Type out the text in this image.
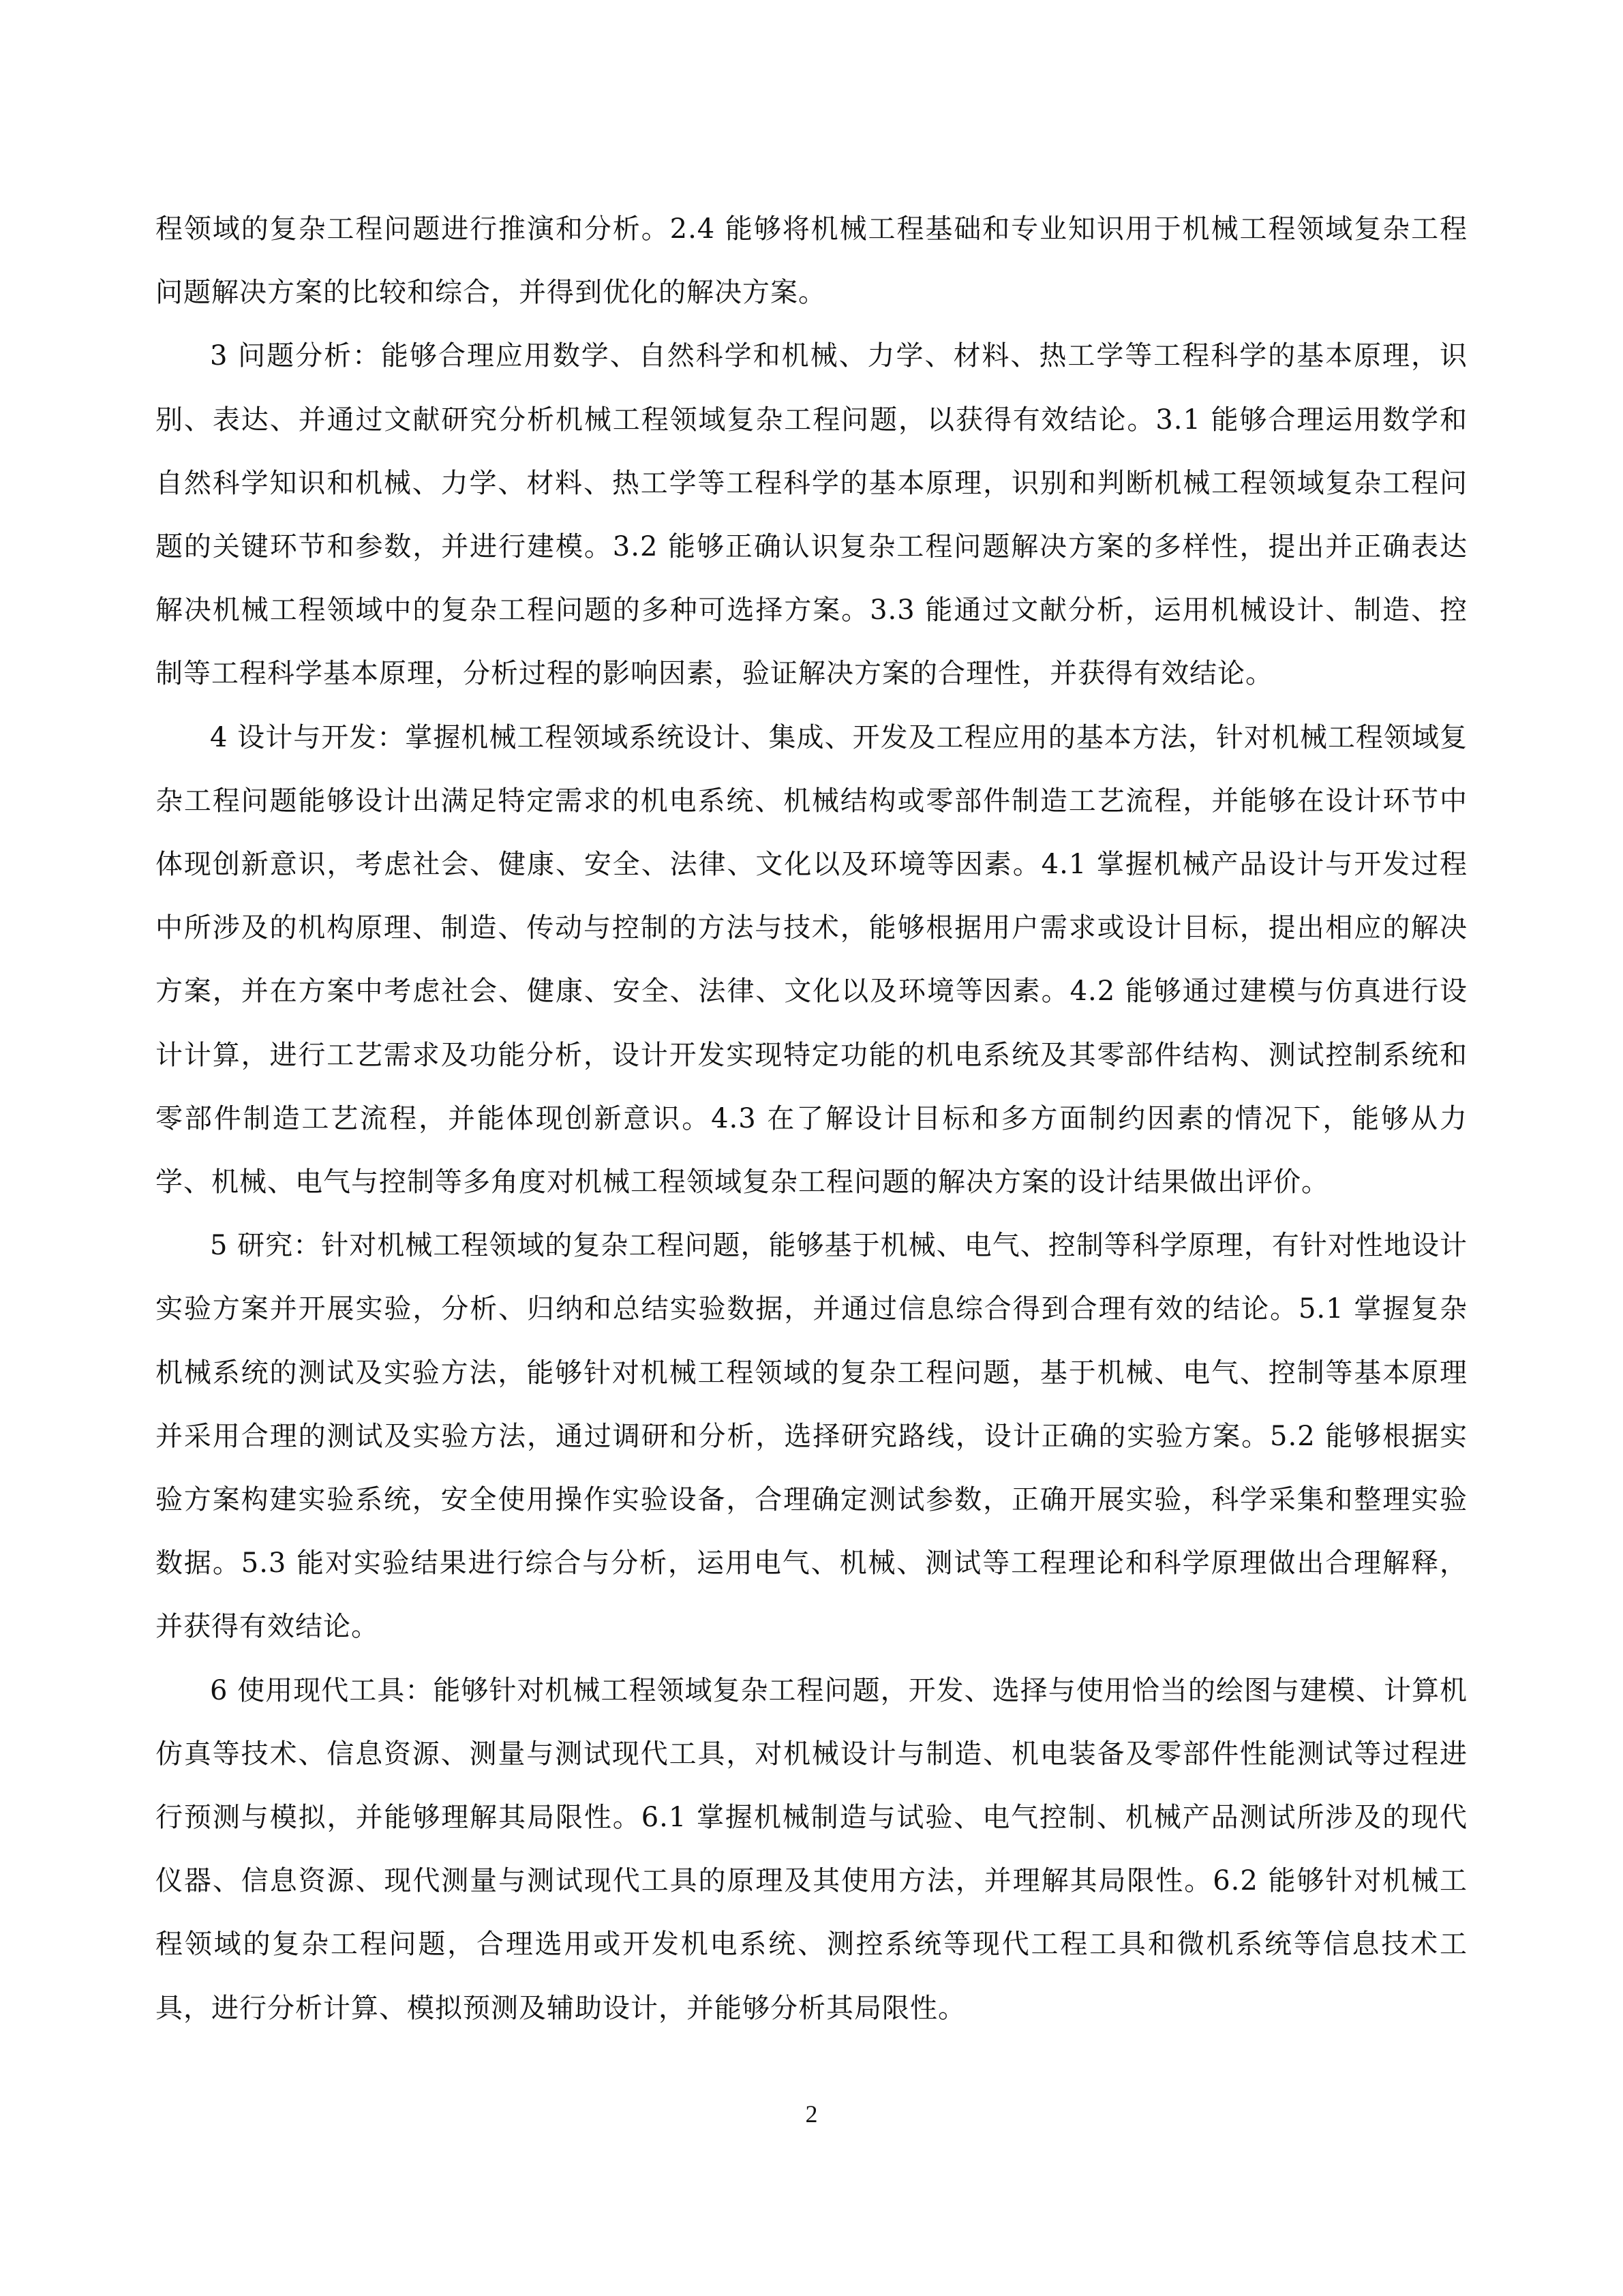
程领域的复杂工程问题进行推演和分析。2.4 能够将机械工程基础和专业知识用于机械工程领域复杂工程问题解决方案的比较和综合，并得到优化的解决方案。

3 问题分析：能够合理应用数学、自然科学和机械、力学、材料、热工学等工程科学的基本原理，识别、表达、并通过文献研究分析机械工程领域复杂工程问题，以获得有效结论。3.1 能够合理运用数学和自然科学知识和机械、力学、材料、热工学等工程科学的基本原理，识别和判断机械工程领域复杂工程问题的关键环节和参数，并进行建模。3.2 能够正确认识复杂工程问题解决方案的多样性，提出并正确表达解决机械工程领域中的复杂工程问题的多种可选择方案。3.3 能通过文献分析，运用机械设计、制造、控制等工程科学基本原理，分析过程的影响因素，验证解决方案的合理性，并获得有效结论。

4 设计与开发：掌握机械工程领域系统设计、集成、开发及工程应用的基本方法，针对机械工程领域复杂工程问题能够设计出满足特定需求的机电系统、机械结构或零部件制造工艺流程，并能够在设计环节中体现创新意识，考虑社会、健康、安全、法律、文化以及环境等因素。4.1 掌握机械产品设计与开发过程中所涉及的机构原理、制造、传动与控制的方法与技术，能够根据用户需求或设计目标，提出相应的解决方案，并在方案中考虑社会、健康、安全、法律、文化以及环境等因素。4.2 能够通过建模与仿真进行设计计算，进行工艺需求及功能分析，设计开发实现特定功能的机电系统及其零部件结构、测试控制系统和零部件制造工艺流程，并能体现创新意识。4.3 在了解设计目标和多方面制约因素的情况下，能够从力学、机械、电气与控制等多角度对机械工程领域复杂工程问题的解决方案的设计结果做出评价。

5 研究：针对机械工程领域的复杂工程问题，能够基于机械、电气、控制等科学原理，有针对性地设计实验方案并开展实验，分析、归纳和总结实验数据，并通过信息综合得到合理有效的结论。5.1 掌握复杂机械系统的测试及实验方法，能够针对机械工程领域的复杂工程问题，基于机械、电气、控制等基本原理并采用合理的测试及实验方法，通过调研和分析，选择研究路线，设计正确的实验方案。5.2 能够根据实验方案构建实验系统，安全使用操作实验设备，合理确定测试参数，正确开展实验，科学采集和整理实验数据。5.3 能对实验结果进行综合与分析，运用电气、机械、测试等工程理论和科学原理做出合理解释，并获得有效结论。

6 使用现代工具：能够针对机械工程领域复杂工程问题，开发、选择与使用恰当的绘图与建模、计算机仿真等技术、信息资源、测量与测试现代工具，对机械设计与制造、机电装备及零部件性能测试等过程进行预测与模拟，并能够理解其局限性。6.1 掌握机械制造与试验、电气控制、机械产品测试所涉及的现代仪器、信息资源、现代测量与测试现代工具的原理及其使用方法，并理解其局限性。6.2 能够针对机械工程领域的复杂工程问题，合理选用或开发机电系统、测控系统等现代工程工具和微机系统等信息技术工具，进行分析计算、模拟预测及辅助设计，并能够分析其局限性。

2
